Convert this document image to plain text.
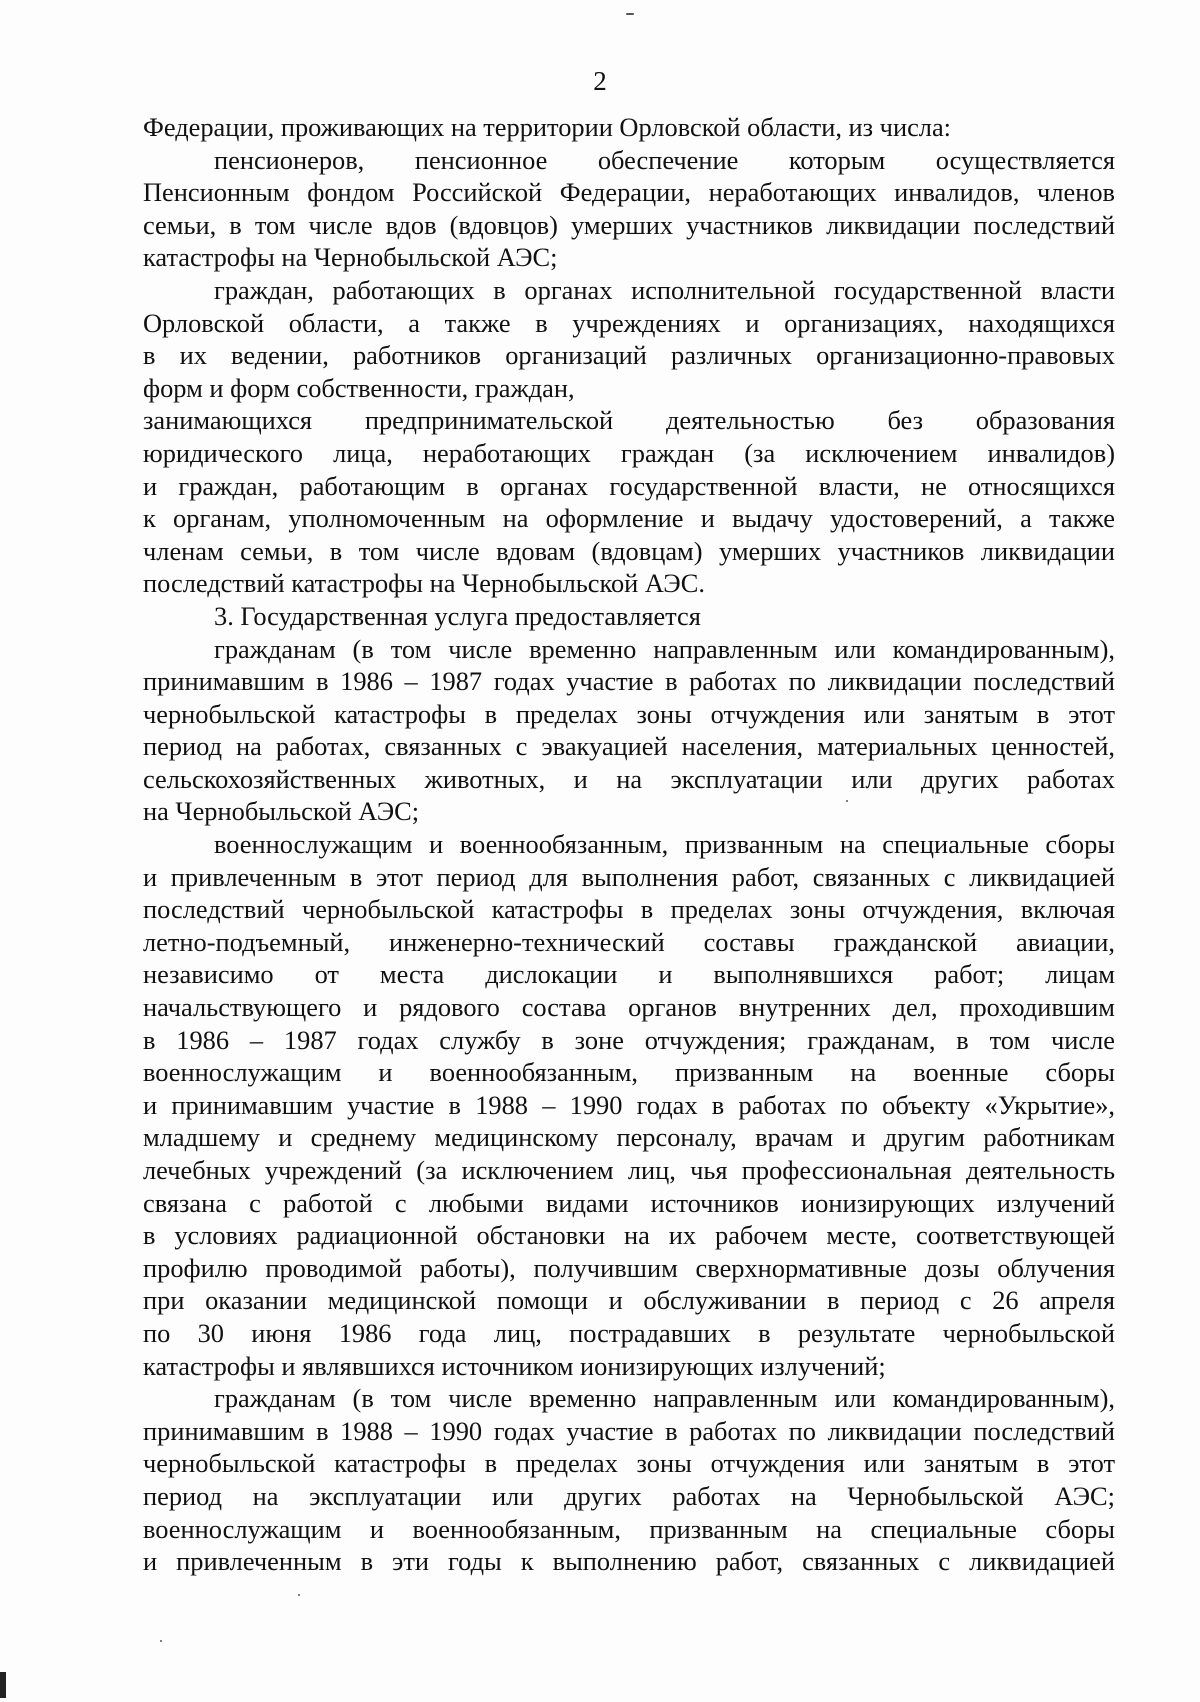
2
Федерации, проживающих на территории Орловской области, из числа:
пенсионеров, пенсионное обеспечение которым осуществляется
Пенсионным фондом Российской Федерации, неработающих инвалидов, членов
семьи, в том числе вдов (вдовцов) умерших участников ликвидации последствий
катастрофы на Чернобыльской АЭС;
граждан, работающих в органах исполнительной государственной власти
Орловской области, а также в учреждениях и организациях, находящихся
в их ведении, работников организаций различных организационно-правовых
форм и форм собственности, граждан,
занимающихся предпринимательской деятельностью без образования
юридического лица, неработающих граждан (за исключением инвалидов)
и граждан, работающим в органах государственной власти, не относящихся
к органам, уполномоченным на оформление и выдачу удостоверений, а также
членам семьи, в том числе вдовам (вдовцам) умерших участников ликвидации
последствий катастрофы на Чернобыльской АЭС.
3. Государственная услуга предоставляется
гражданам (в том числе временно направленным или командированным),
принимавшим в 1986 – 1987 годах участие в работах по ликвидации последствий
чернобыльской катастрофы в пределах зоны отчуждения или занятым в этот
период на работах, связанных с эвакуацией населения, материальных ценностей,
сельскохозяйственных животных, и на эксплуатации или других работах
на Чернобыльской АЭС;
военнослужащим и военнообязанным, призванным на специальные сборы
и привлеченным в этот период для выполнения работ, связанных с ликвидацией
последствий чернобыльской катастрофы в пределах зоны отчуждения, включая
летно-подъемный, инженерно-технический составы гражданской авиации,
независимо от места дислокации и выполнявшихся работ; лицам
начальствующего и рядового состава органов внутренних дел, проходившим
в 1986 – 1987 годах службу в зоне отчуждения; гражданам, в том числе
военнослужащим и военнообязанным, призванным на военные сборы
и принимавшим участие в 1988 – 1990 годах в работах по объекту «Укрытие»,
младшему и среднему медицинскому персоналу, врачам и другим работникам
лечебных учреждений (за исключением лиц, чья профессиональная деятельность
связана с работой с любыми видами источников ионизирующих излучений
в условиях радиационной обстановки на их рабочем месте, соответствующей
профилю проводимой работы), получившим сверхнормативные дозы облучения
при оказании медицинской помощи и обслуживании в период с 26 апреля
по 30 июня 1986 года лиц, пострадавших в результате чернобыльской
катастрофы и являвшихся источником ионизирующих излучений;
гражданам (в том числе временно направленным или командированным),
принимавшим в 1988 – 1990 годах участие в работах по ликвидации последствий
чернобыльской катастрофы в пределах зоны отчуждения или занятым в этот
период на эксплуатации или других работах на Чернобыльской АЭС;
военнослужащим и военнообязанным, призванным на специальные сборы
и привлеченным в эти годы к выполнению работ, связанных с ликвидацией
